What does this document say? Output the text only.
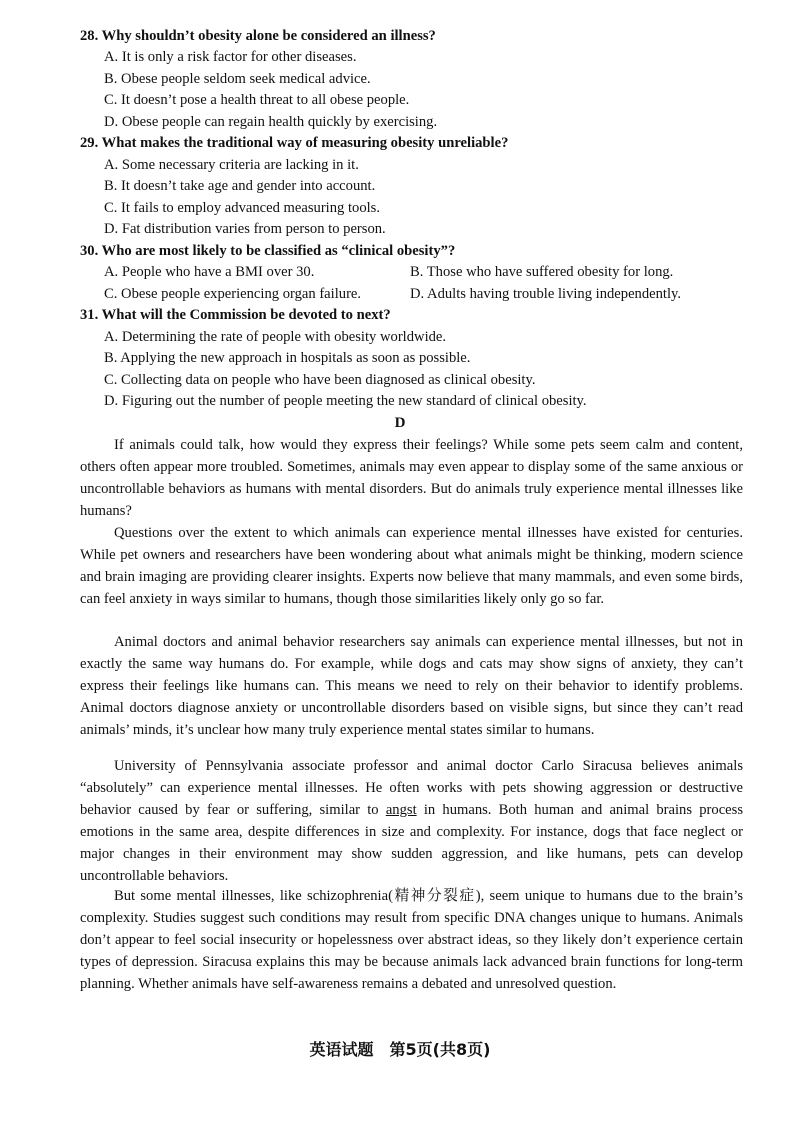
28. Why shouldn’t obesity alone be considered an illness?
A. It is only a risk factor for other diseases.
B. Obese people seldom seek medical advice.
C. It doesn’t pose a health threat to all obese people.
D. Obese people can regain health quickly by exercising.
29. What makes the traditional way of measuring obesity unreliable?
A. Some necessary criteria are lacking in it.
B. It doesn’t take age and gender into account.
C. It fails to employ advanced measuring tools.
D. Fat distribution varies from person to person.
30. Who are most likely to be classified as “clinical obesity”?
A. People who have a BMI over 30.	B. Those who have suffered obesity for long.
C. Obese people experiencing organ failure.	D. Adults having trouble living independently.
31. What will the Commission be devoted to next?
A. Determining the rate of people with obesity worldwide.
B. Applying the new approach in hospitals as soon as possible.
C. Collecting data on people who have been diagnosed as clinical obesity.
D. Figuring out the number of people meeting the new standard of clinical obesity.
D
If animals could talk, how would they express their feelings? While some pets seem calm and content, others often appear more troubled. Sometimes, animals may even appear to display some of the same anxious or uncontrollable behaviors as humans with mental disorders. But do animals truly experience mental illnesses like humans?
Questions over the extent to which animals can experience mental illnesses have existed for centuries. While pet owners and researchers have been wondering about what animals might be thinking, modern science and brain imaging are providing clearer insights. Experts now believe that many mammals, and even some birds, can feel anxiety in ways similar to humans, though those similarities likely only go so far.
Animal doctors and animal behavior researchers say animals can experience mental illnesses, but not in exactly the same way humans do. For example, while dogs and cats may show signs of anxiety, they can’t express their feelings like humans can. This means we need to rely on their behavior to identify problems. Animal doctors diagnose anxiety or uncontrollable disorders based on visible signs, but since they can’t read animals’ minds, it’s unclear how many truly experience mental states similar to humans.
University of Pennsylvania associate professor and animal doctor Carlo Siracusa believes animals “absolutely” can experience mental illnesses. He often works with pets showing aggression or destructive behavior caused by fear or suffering, similar to angst in humans. Both human and animal brains process emotions in the same area, despite differences in size and complexity. For instance, dogs that face neglect or major changes in their environment may show sudden aggression, and like humans, pets can develop uncontrollable behaviors.
But some mental illnesses, like schizophrenia(精神分裂症), seem unique to humans due to the brain’s complexity. Studies suggest such conditions may result from specific DNA changes unique to humans. Animals don’t appear to feel social insecurity or hopelessness over abstract ideas, so they likely don’t experience certain types of depression. Siracusa explains this may be because animals lack advanced brain functions for long-term planning. Whether animals have self-awareness remains a debated and unresolved question.
英语试题　第5页(共8页)
